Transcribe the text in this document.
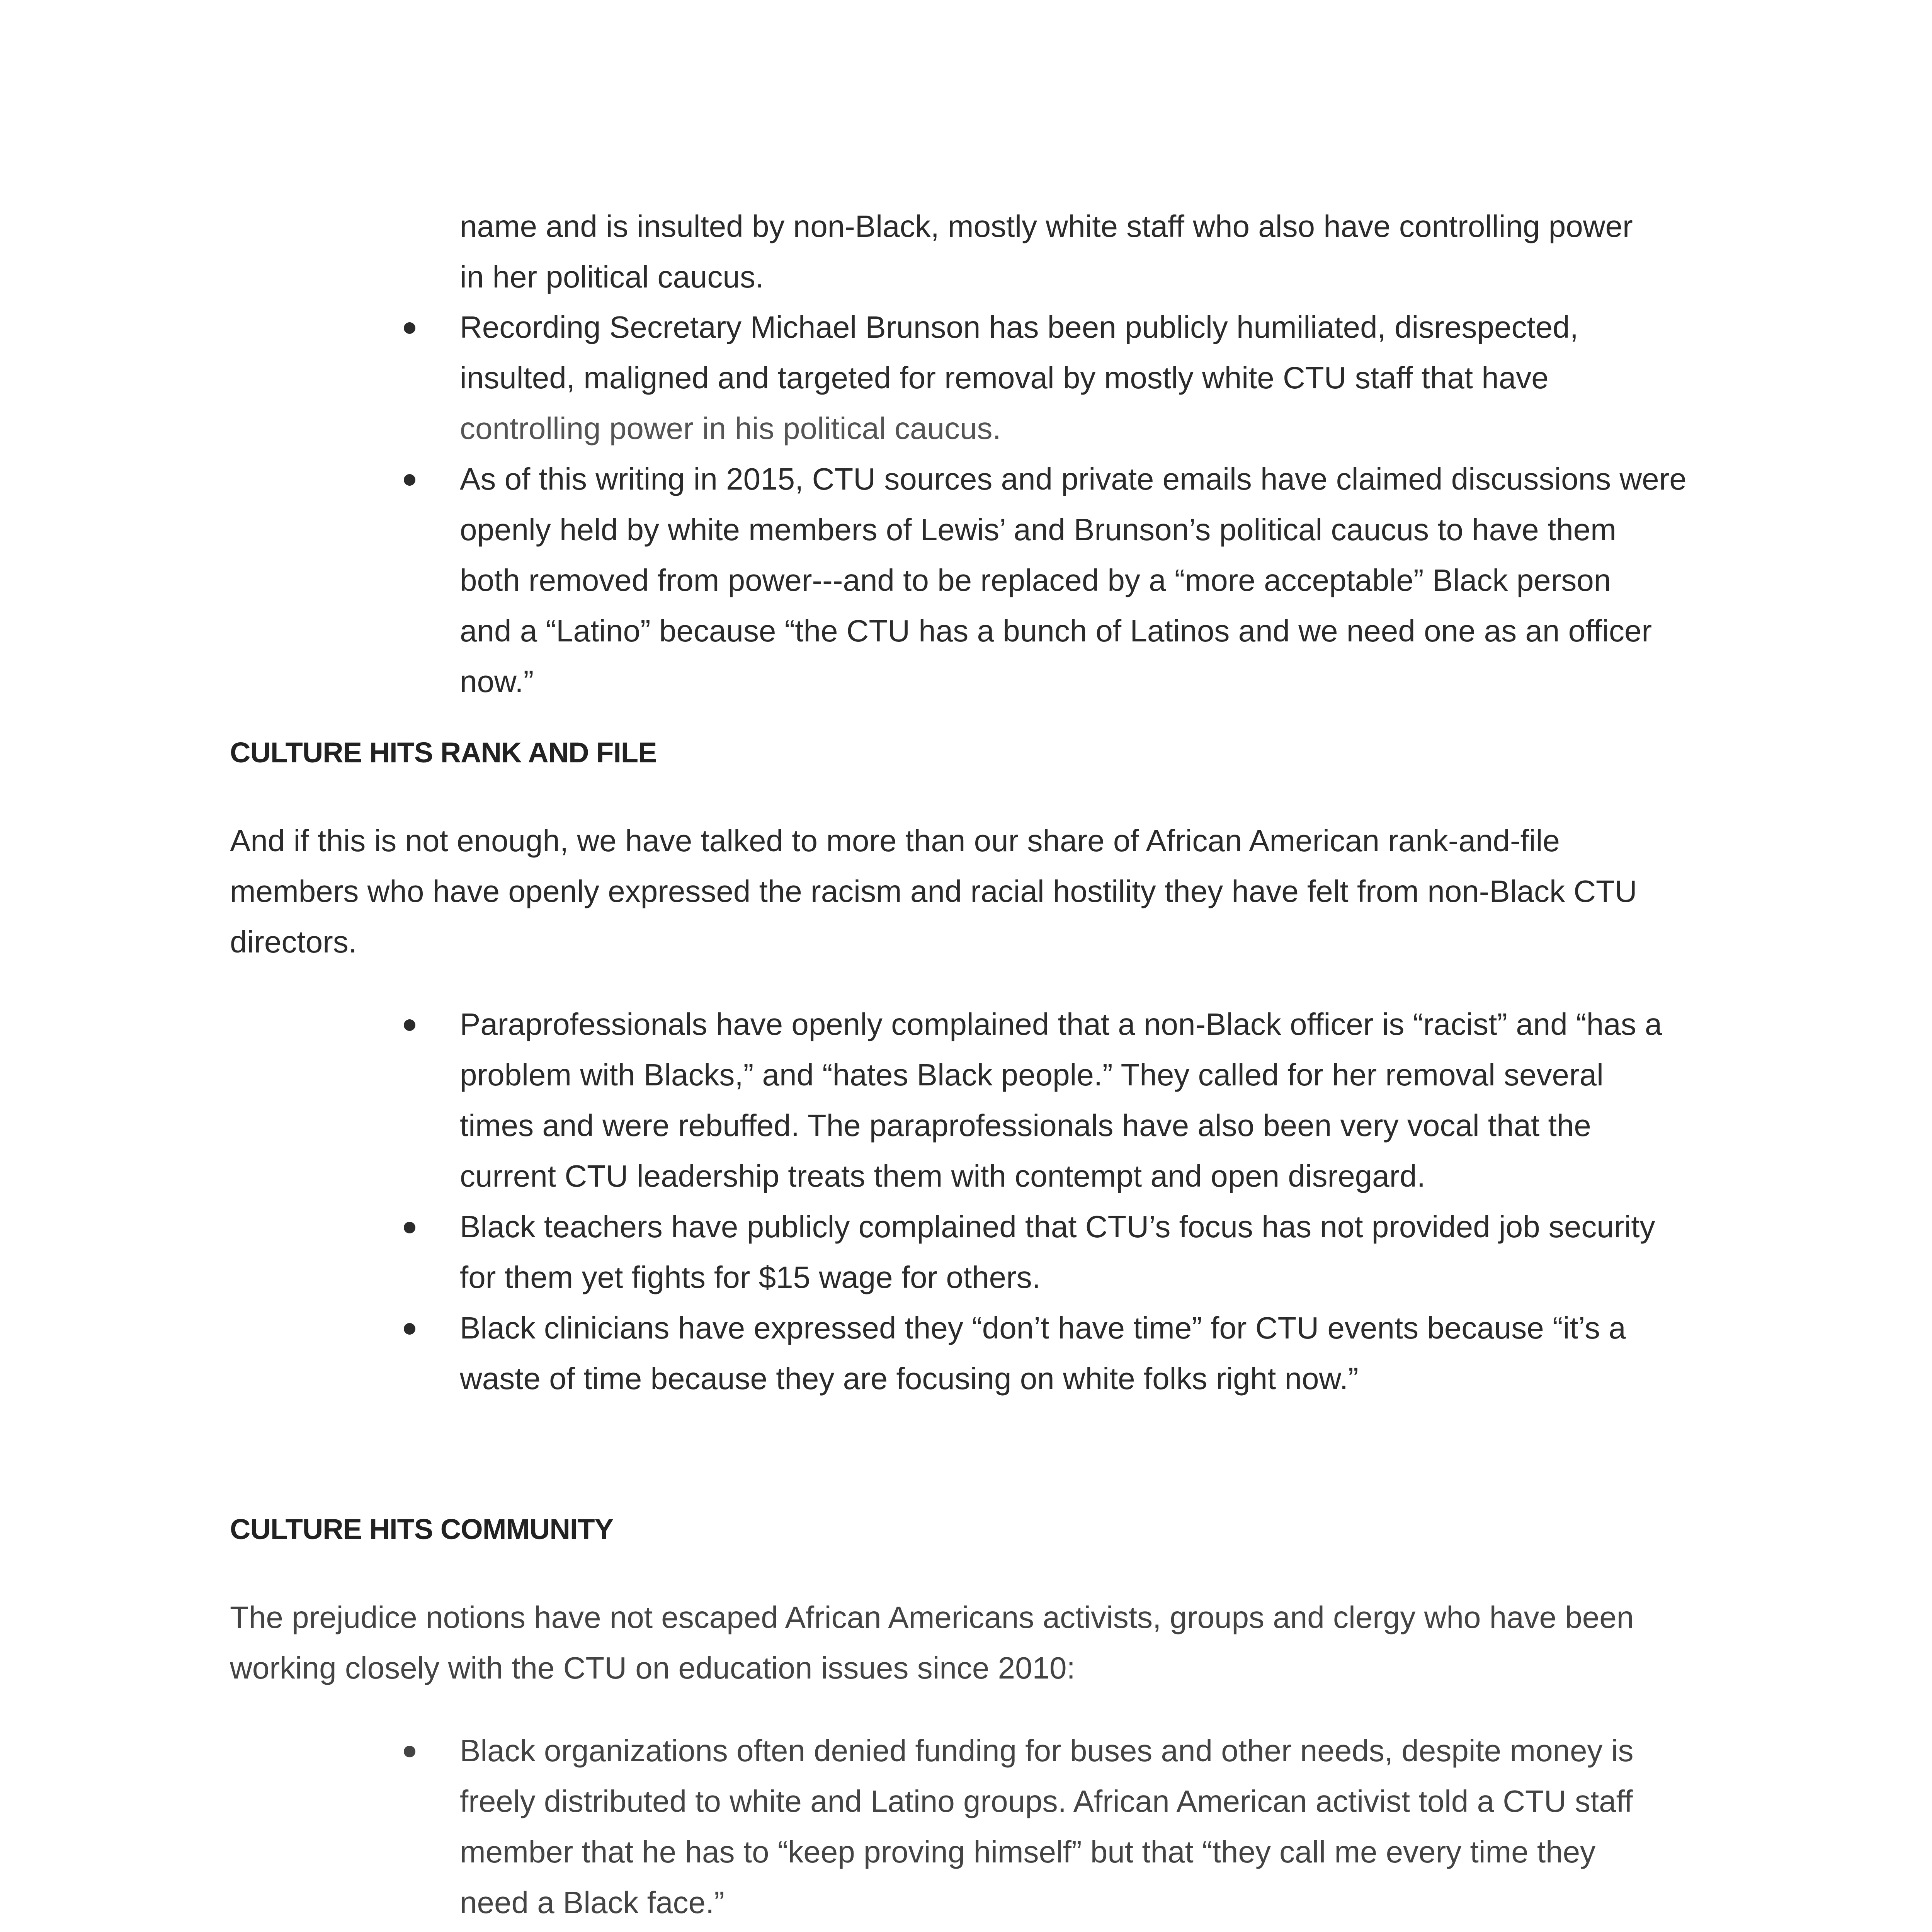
name and is insulted by non-Black, mostly white staff who also have controlling power
in her political caucus.
Recording Secretary Michael Brunson has been publicly humiliated, disrespected,
insulted, maligned and targeted for removal by mostly white CTU staff that have
controlling power in his political caucus.
As of this writing in 2015, CTU sources and private emails have claimed discussions were
openly held by white members of Lewis’ and Brunson’s political caucus to have them
both removed from power---and to be replaced by a “more acceptable” Black person
and a “Latino” because “the CTU has a bunch of Latinos and we need one as an officer
now.”
CULTURE HITS RANK AND FILE
And if this is not enough, we have talked to more than our share of African American rank-and-file
members who have openly expressed the racism and racial hostility they have felt from non-Black CTU
directors.
Paraprofessionals have openly complained that a non-Black officer is “racist” and “has a
problem with Blacks,” and “hates Black people.” They called for her removal several
times and were rebuffed. The paraprofessionals have also been very vocal that the
current CTU leadership treats them with contempt and open disregard.
Black teachers have publicly complained that CTU’s focus has not provided job security
for them yet fights for $15 wage for others.
Black clinicians have expressed they “don’t have time” for CTU events because “it’s a
waste of time because they are focusing on white folks right now.”
CULTURE HITS COMMUNITY
The prejudice notions have not escaped African Americans activists, groups and clergy who have been
working closely with the CTU on education issues since 2010:
Black organizations often denied funding for buses and other needs, despite money is
freely distributed to white and Latino groups. African American activist told a CTU staff
member that he has to “keep proving himself” but that “they call me every time they
need a Black face.”
